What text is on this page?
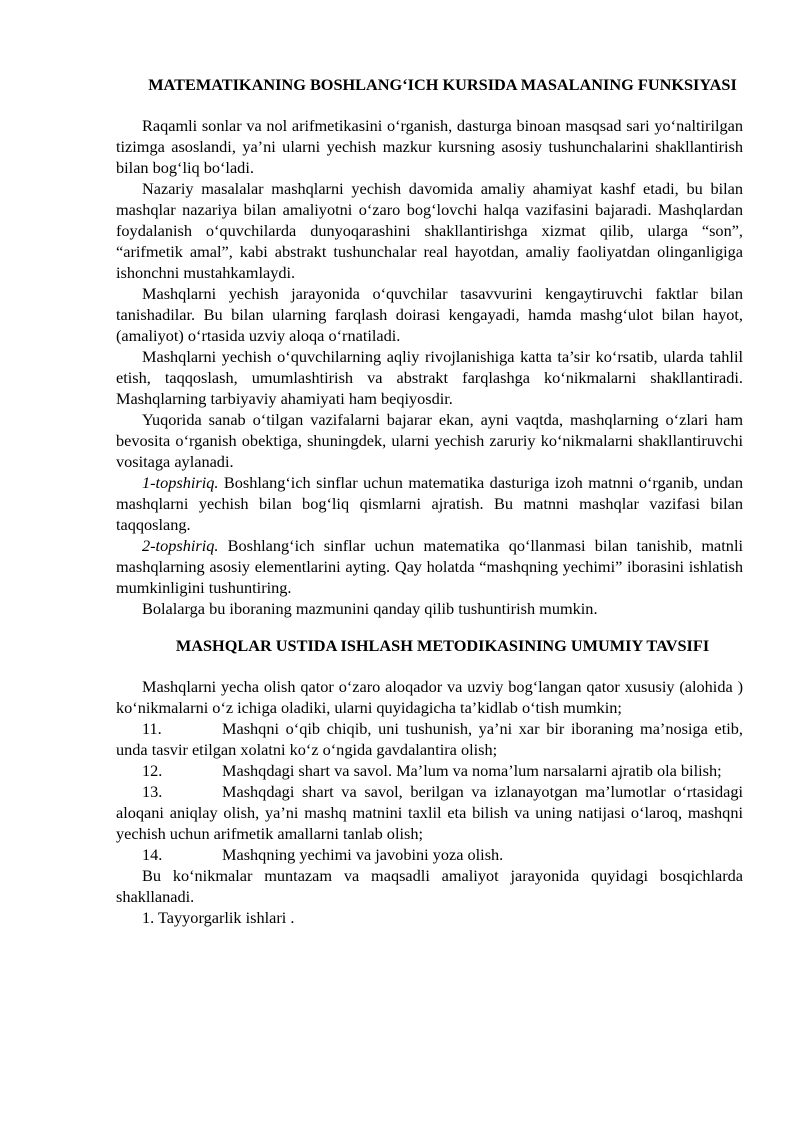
MATEMATIKANING BOSHLANG‘ICH KURSIDA MASALANING FUNKSIYASI

Raqamli sonlar va nol arifmetikasini o‘rganish, dasturga binoan masqsad sari yo‘naltirilgan tizimga asoslandi, ya’ni ularni yechish mazkur kursning asosiy tushunchalarini shakllantirish bilan bog‘liq bo‘ladi.

Nazariy masalalar mashqlarni yechish davomida amaliy ahamiyat kashf etadi, bu bilan mashqlar nazariya bilan amaliyotni o‘zaro bog‘lovchi halqa vazifasini bajaradi. Mashqlardan foydalanish o‘quvchilarda dunyoqarashini shakllantirishga xizmat qilib, ularga “son”, “arifmetik amal”, kabi abstrakt tushunchalar real hayotdan, amaliy faoliyatdan olinganligiga ishonchni mustahkamlaydi.

Mashqlarni yechish jarayonida o‘quvchilar tasavvurini kengaytiruvchi faktlar bilan tanishadilar. Bu bilan ularning farqlash doirasi kengayadi, hamda mashg‘ulot bilan hayot, (amaliyot) o‘rtasida uzviy aloqa o‘rnatiladi.

Mashqlarni yechish o‘quvchilarning aqliy rivojlanishiga katta ta’sir ko‘rsatib, ularda tahlil etish, taqqoslash, umumlashtirish va abstrakt farqlashga ko‘nikmalarni shakllantiradi. Mashqlarning tarbiyaviy ahamiyati ham beqiyosdir.

Yuqorida sanab o‘tilgan vazifalarni bajarar ekan, ayni vaqtda, mashqlarning o‘zlari ham bevosita o‘rganish obektiga, shuningdek, ularni yechish zaruriy ko‘nikmalarni shakllantiruvchi vositaga aylanadi.

1-topshiriq. Boshlang‘ich sinflar uchun matematika dasturiga izoh matnni o‘rganib, undan mashqlarni yechish bilan bog‘liq qismlarni ajratish. Bu matnni mashqlar vazifasi bilan taqqoslang.

2-topshiriq. Boshlang‘ich sinflar uchun matematika qo‘llanmasi bilan tanishib, matnli mashqlarning asosiy elementlarini ayting. Qay holatda “mashqning yechimi” iborasini ishlatish mumkinligini tushuntiring.

Bolalarga bu iboraning mazmunini qanday qilib tushuntirish mumkin.

MASHQLAR USTIDA ISHLASH METODIKASINING UMUMIY TAVSIFI

Mashqlarni yecha olish qator o‘zaro aloqador va uzviy bog‘langan qator xususiy (alohida ) ko‘nikmalarni o‘z ichiga oladiki, ularni quyidagicha ta’kidlab o‘tish mumkin;

11.	Mashqni o‘qib chiqib, uni tushunish, ya’ni xar bir iboraning ma’nosiga etib, unda tasvir etilgan xolatni ko‘z o‘ngida gavdalantira olish;

12.	Mashqdagi shart va savol. Ma’lum va noma’lum narsalarni ajratib ola bilish;

13.	Mashqdagi shart va savol, berilgan va izlanayotgan ma’lumotlar o‘rtasidagi aloqani aniqlay olish, ya’ni mashq matnini taxlil eta bilish va uning natijasi o‘laroq, mashqni yechish uchun arifmetik amallarni tanlab olish;

14.	Mashqning yechimi va javobini yoza olish.

Bu ko‘nikmalar muntazam va maqsadli amaliyot jarayonida quyidagi bosqichlarda shakllanadi.

1. Tayyorgarlik ishlari .
